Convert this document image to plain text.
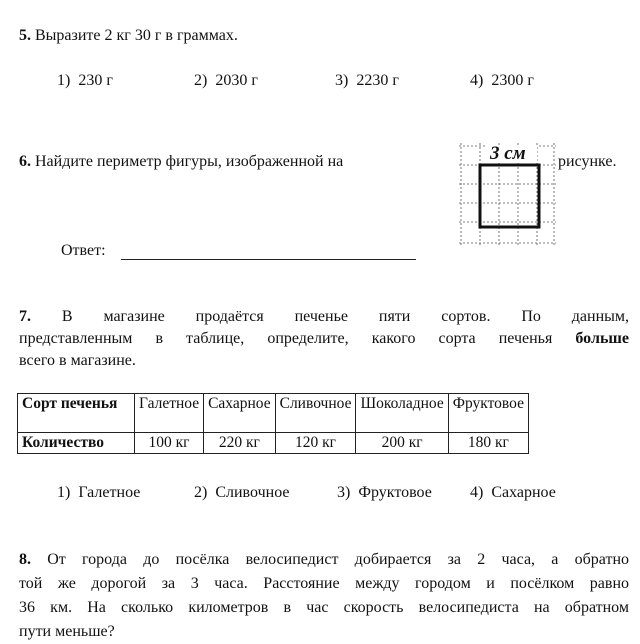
5. Выразите 2 кг 30 г в граммах.
1) 230 г	2) 2030 г	3) 2230 г	4) 2300 г
6. Найдите периметр фигуры, изображенной на	рисунке.
3 см
Ответ:
7. В магазине продаётся печенье пяти сортов. По данным,
представленным в таблице, определите, какого сорта печенья больше
всего в магазине.
Сорт печенья	Галетное	Сахарное	Сливочное	Шоколадное	Фруктовое
Количество	100 кг	220 кг	120 кг	200 кг	180 кг
1) Галетное	2) Сливочное	3) Фруктовое 4) Сахарное
8. От города до посёлка велосипедист добирается за 2 часа, а обратно
той же дорогой за 3 часа. Расстояние между городом и посёлком равно
36 км. На сколько километров в час скорость велосипедиста на обратном
пути меньше?
